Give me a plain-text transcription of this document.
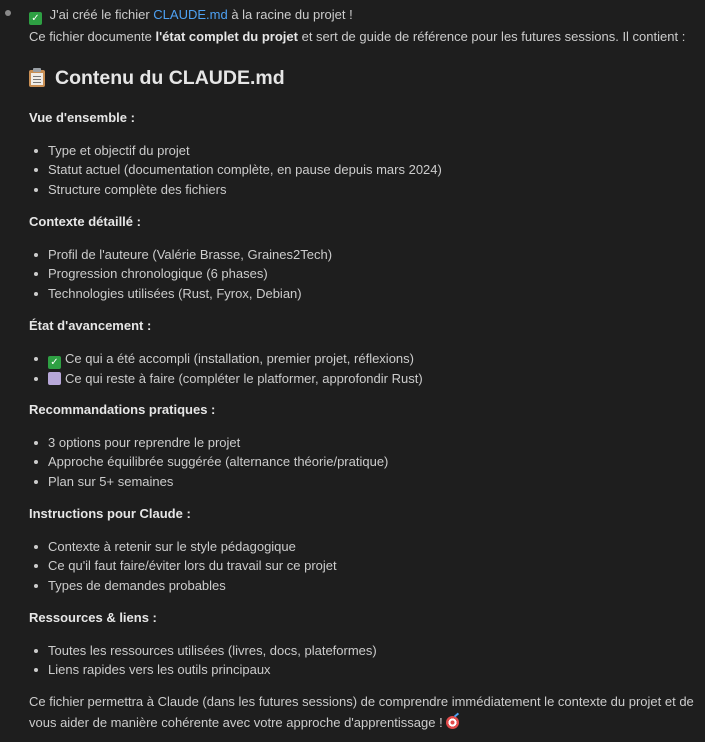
✓ J'ai créé le fichier CLAUDE.md à la racine du projet !

Ce fichier documente l'état complet du projet et sert de guide de référence pour les futures sessions. Il contient :

Contenu du CLAUDE.md

Vue d'ensemble :

Type et objectif du projet
Statut actuel (documentation complète, en pause depuis mars 2024)
Structure complète des fichiers

Contexte détaillé :

Profil de l'auteure (Valérie Brasse, Graines2Tech)
Progression chronologique (6 phases)
Technologies utilisées (Rust, Fyrox, Debian)

État d'avancement :

✓ Ce qui a été accompli (installation, premier projet, réflexions)
Ce qui reste à faire (compléter le platformer, approfondir Rust)

Recommandations pratiques :

3 options pour reprendre le projet
Approche équilibrée suggérée (alternance théorie/pratique)
Plan sur 5+ semaines

Instructions pour Claude :

Contexte à retenir sur le style pédagogique
Ce qu'il faut faire/éviter lors du travail sur ce projet
Types de demandes probables

Ressources & liens :

Toutes les ressources utilisées (livres, docs, plateformes)
Liens rapides vers les outils principaux

Ce fichier permettra à Claude (dans les futures sessions) de comprendre immédiatement le contexte du projet et de

vous aider de manière cohérente avec votre approche d'apprentissage !
